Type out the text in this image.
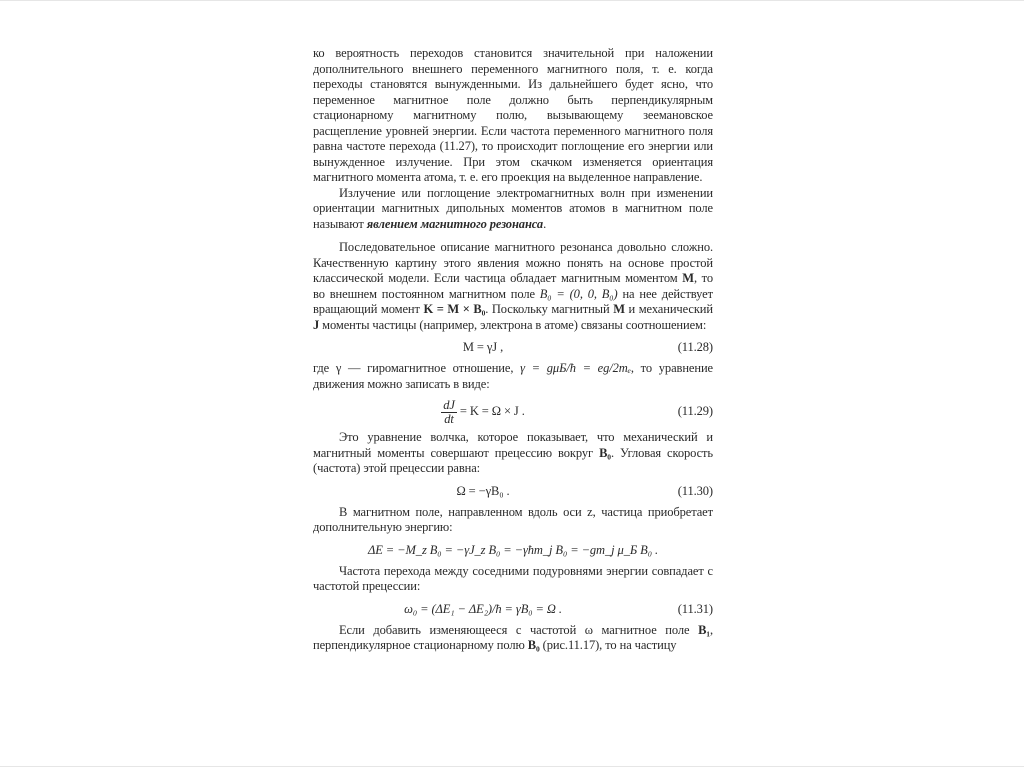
ко вероятность переходов становится значительной при наложении дополнительного внешнего переменного магнитного поля, т. е. когда переходы становятся вынужденными. Из дальнейшего будет ясно, что переменное магнитное поле должно быть перпендикулярным стационарному магнитному полю, вызывающему зеемановское расщепление уровней энергии. Если частота переменного магнитного поля равна частоте перехода (11.27), то происходит поглощение его энергии или вынужденное излучение. При этом скачком изменяется ориентация магнитного момента атома, т. е. его проекция на выделенное направление.

Излучение или поглощение электромагнитных волн при изменении ориентации магнитных дипольных моментов атомов в магнитном поле называют явлением магнитного резонанса.

Последовательное описание магнитного резонанса довольно сложно. Качественную картину этого явления можно понять на основе простой классической модели. Если частица обладает магнитным моментом M, то во внешнем постоянном магнитном поле B₀ = (0, 0, B₀) на нее действует вращающий момент K = M × B₀. Поскольку магнитный M и механический J моменты частицы (например, электрона в атоме) связаны соотношением:

M = γJ ,	(11.28)

где γ — гиромагнитное отношение, γ = gμБ/ħ = eg/2mₑ, то уравнение движения можно записать в виде:

$\frac{dJ}{dt} = K = \Omega \times J$ .	(11.29)

Это уравнение волчка, которое показывает, что механический и магнитный моменты совершают прецессию вокруг B₀. Угловая скорость (частота) этой прецессии равна:

Ω = −γB₀ .	(11.30)

В магнитном поле, направленном вдоль оси z, частица приобретает дополнительную энергию:

ΔE = −M_z B₀ = −γJ_z B₀ = −γħm_j B₀ = −gm_j μ_Б B₀ .

Частота перехода между соседними подуровнями энергии совпадает с частотой прецессии:

ω₀ = (ΔE₁ − ΔE₂)/ħ = γB₀ = Ω .	(11.31)

Если добавить изменяющееся с частотой ω магнитное поле B₁, перпендикулярное стационарному полю B₀ (рис.11.17), то на частицу
